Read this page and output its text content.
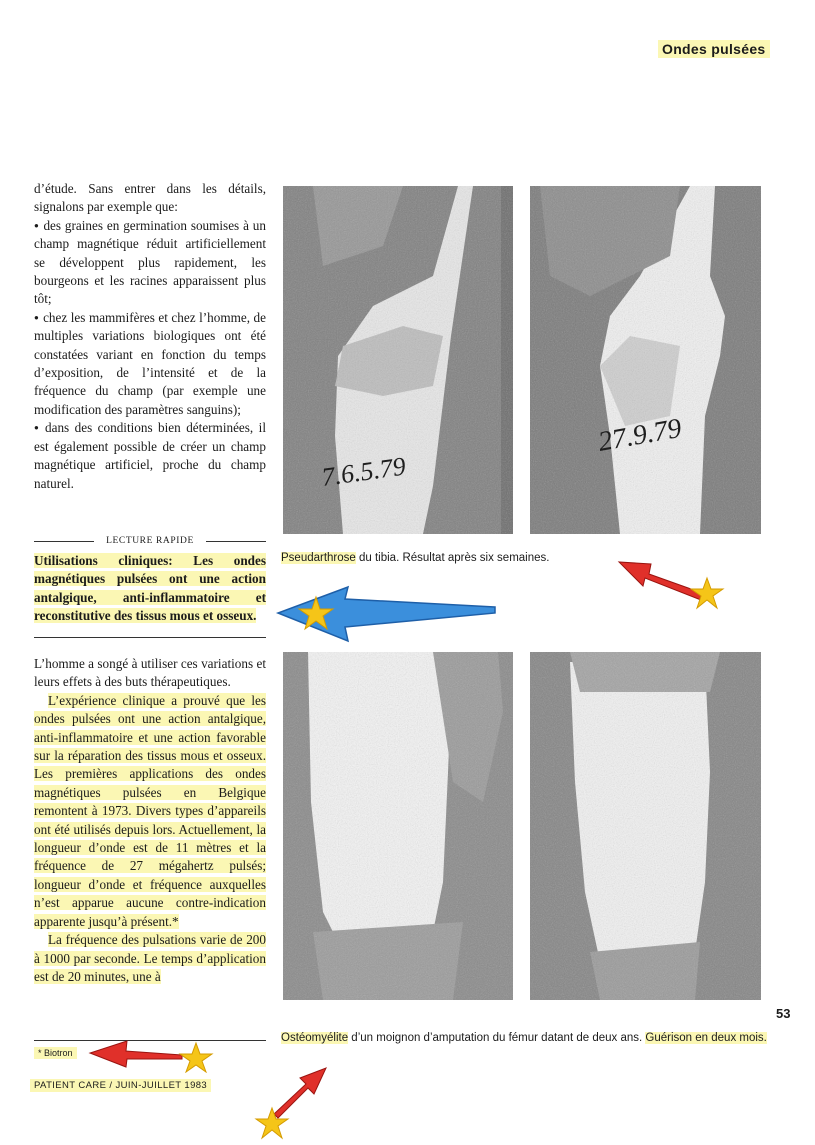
Ondes pulsées

d’étude. Sans entrer dans les détails, signalons par exemple que:

● des graines en germination soumises à un champ magnétique réduit artificiellement se développent plus rapidement, les bourgeons et les racines apparaissent plus tôt;

● chez les mammifères et chez l’homme, de multiples variations biologiques ont été constatées variant en fonction du temps d’exposition, de l’intensité et de la fréquence du champ (par exemple une modification des paramètres sanguins);

● dans des conditions bien déterminées, il est également possible de créer un champ magnétique artificiel, proche du champ naturel.

LECTURE RAPIDE
Utilisations cliniques: Les ondes magnétiques pulsées ont une action antalgique, anti-inflammatoire et reconstitutive des tissus mous et osseux.

L’homme a songé à utiliser ces variations et leurs effets à des buts thérapeutiques.

L’expérience clinique a prouvé que les ondes pulsées ont une action antalgique, anti-inflammatoire et une action favorable sur la réparation des tissus mous et osseux. Les premières applications des ondes magnétiques pulsées en Belgique remontent à 1973. Divers types d’appareils ont été utilisés depuis lors. Actuellement, la longueur d’onde est de 11 mètres et la fréquence de 27 mégahertz pulsés; longueur d’onde et fréquence auxquelles n’est apparue aucune contre-indication apparente jusqu’à présent.*

La fréquence des pulsations varie de 200 à 1000 par seconde. Le temps d’application est de 20 minutes, une à

7.6.5.79
27.9.79
Pseudarthrose du tibia. Résultat après six semaines.
Ostéomyélite d’un moignon d’amputation du fémur datant de deux ans. Guérison en deux mois.
53
* Biotron
PATIENT CARE / JUIN-JUILLET 1983
